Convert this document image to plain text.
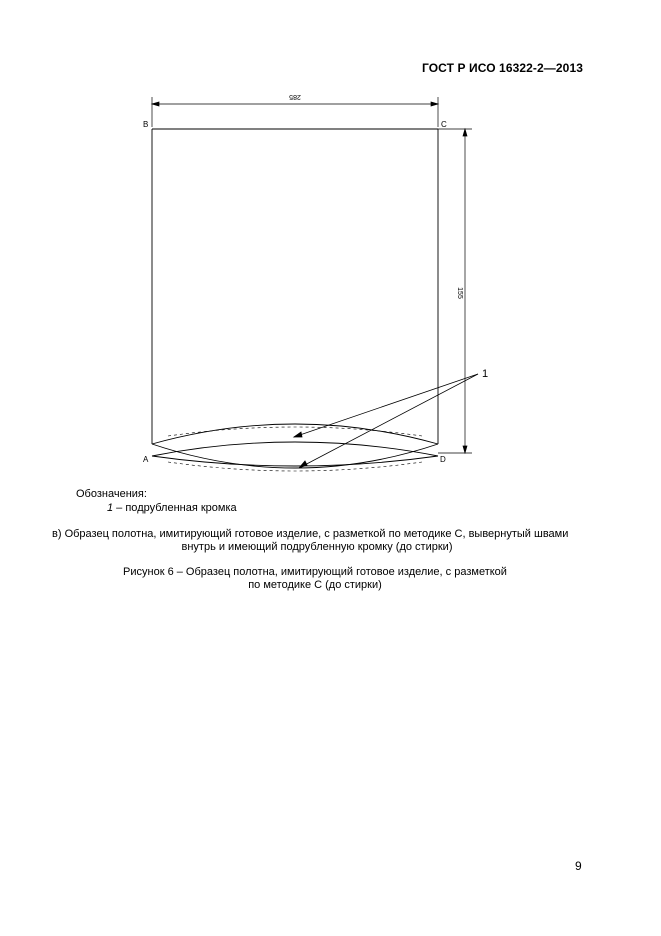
ГОСТ Р ИСО 16322-2—2013
285
155
1
B	C
A	D
Обозначения:
1 – подрубленная кромка
в) Образец полотна, имитирующий готовое изделие, с разметкой по методике С, вывернутый швами
внутрь и имеющий подрубленную кромку (до стирки)
Рисунок 6 – Образец полотна, имитирующий готовое изделие, с разметкой
по методике С (до стирки)
9
